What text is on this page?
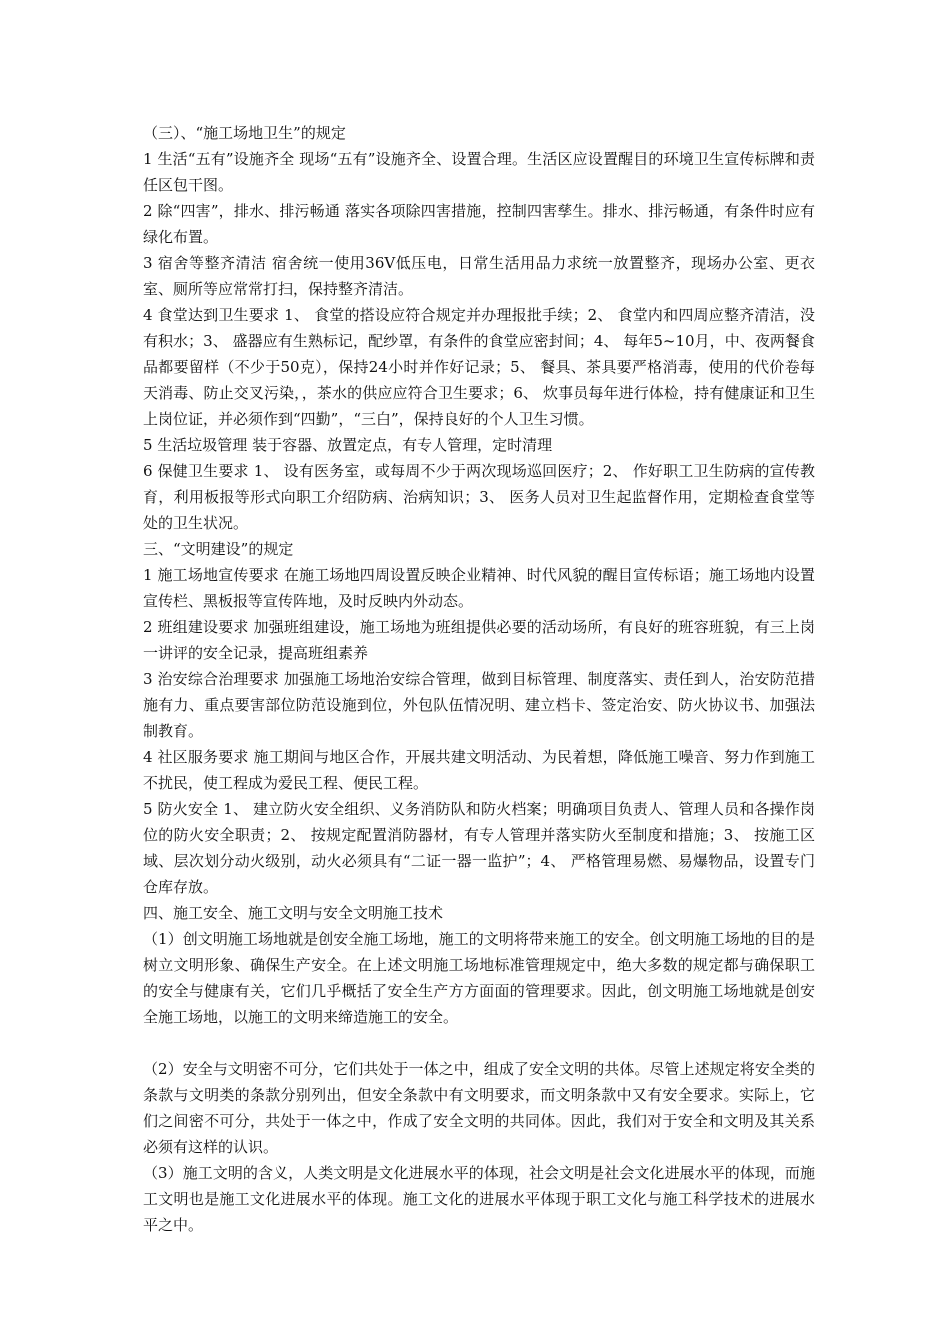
（三）、“施工场地卫生”的规定

1 生活“五有”设施齐全 现场“五有”设施齐全、设置合理。生活区应设置醒目的环境卫生宣传标牌和责任区包干图。

2 除“四害”，排水、排污畅通 落实各项除四害措施，控制四害孳生。排水、排污畅通，有条件时应有绿化布置。

3 宿舍等整齐清洁 宿舍统一使用36V低压电，日常生活用品力求统一放置整齐，现场办公室、更衣室、厕所等应常常打扫，保持整齐清洁。

4 食堂达到卫生要求 1、 食堂的搭设应符合规定并办理报批手续；2、 食堂内和四周应整齐清洁，没有积水；3、 盛器应有生熟标记，配纱罩，有条件的食堂应密封间；4、 每年5~10月，中、夜两餐食品都要留样（不少于50克），保持24小时并作好记录；5、 餐具、茶具要严格消毒，使用的代价卷每天消毒、防止交叉污染，，茶水的供应应符合卫生要求；6、 炊事员每年进行体检，持有健康证和卫生上岗位证，并必须作到“四勤”，“三白”，保持良好的个人卫生习惯。

5 生活垃圾管理 装于容器、放置定点，有专人管理，定时清理

6 保健卫生要求 1、 设有医务室，或每周不少于两次现场巡回医疗；2、 作好职工卫生防病的宣传教育，利用板报等形式向职工介绍防病、治病知识；3、 医务人员对卫生起监督作用，定期检查食堂等处的卫生状况。

三、“文明建设”的规定

1 施工场地宣传要求 在施工场地四周设置反映企业精神、时代风貌的醒目宣传标语；施工场地内设置宣传栏、黑板报等宣传阵地，及时反映内外动态。

2 班组建设要求 加强班组建设，施工场地为班组提供必要的活动场所，有良好的班容班貌，有三上岗一讲评的安全记录，提高班组素养

3 治安综合治理要求 加强施工场地治安综合管理，做到目标管理、制度落实、责任到人，治安防范措施有力、重点要害部位防范设施到位，外包队伍情况明、建立档卡、签定治安、防火协议书、加强法制教育。

4 社区服务要求 施工期间与地区合作，开展共建文明活动、为民着想，降低施工噪音、努力作到施工不扰民，使工程成为爱民工程、便民工程。

5 防火安全 1、 建立防火安全组织、义务消防队和防火档案；明确项目负责人、管理人员和各操作岗位的防火安全职责；2、 按规定配置消防器材，有专人管理并落实防火至制度和措施；3、 按施工区域、层次划分动火级别，动火必须具有“二证一器一监护”；4、 严格管理易燃、易爆物品，设置专门仓库存放。

四、施工安全、施工文明与安全文明施工技术

（1）创文明施工场地就是创安全施工场地，施工的文明将带来施工的安全。创文明施工场地的目的是树立文明形象、确保生产安全。在上述文明施工场地标准管理规定中，绝大多数的规定都与确保职工的安全与健康有关，它们几乎概括了安全生产方方面面的管理要求。因此，创文明施工场地就是创安全施工场地，以施工的文明来缔造施工的安全。

（2）安全与文明密不可分，它们共处于一体之中，组成了安全文明的共体。尽管上述规定将安全类的条款与文明类的条款分别列出，但安全条款中有文明要求，而文明条款中又有安全要求。实际上，它们之间密不可分，共处于一体之中，作成了安全文明的共同体。因此，我们对于安全和文明及其关系必须有这样的认识。

（3）施工文明的含义，人类文明是文化进展水平的体现，社会文明是社会文化进展水平的体现，而施工文明也是施工文化进展水平的体现。施工文化的进展水平体现于职工文化与施工科学技术的进展水平之中。
